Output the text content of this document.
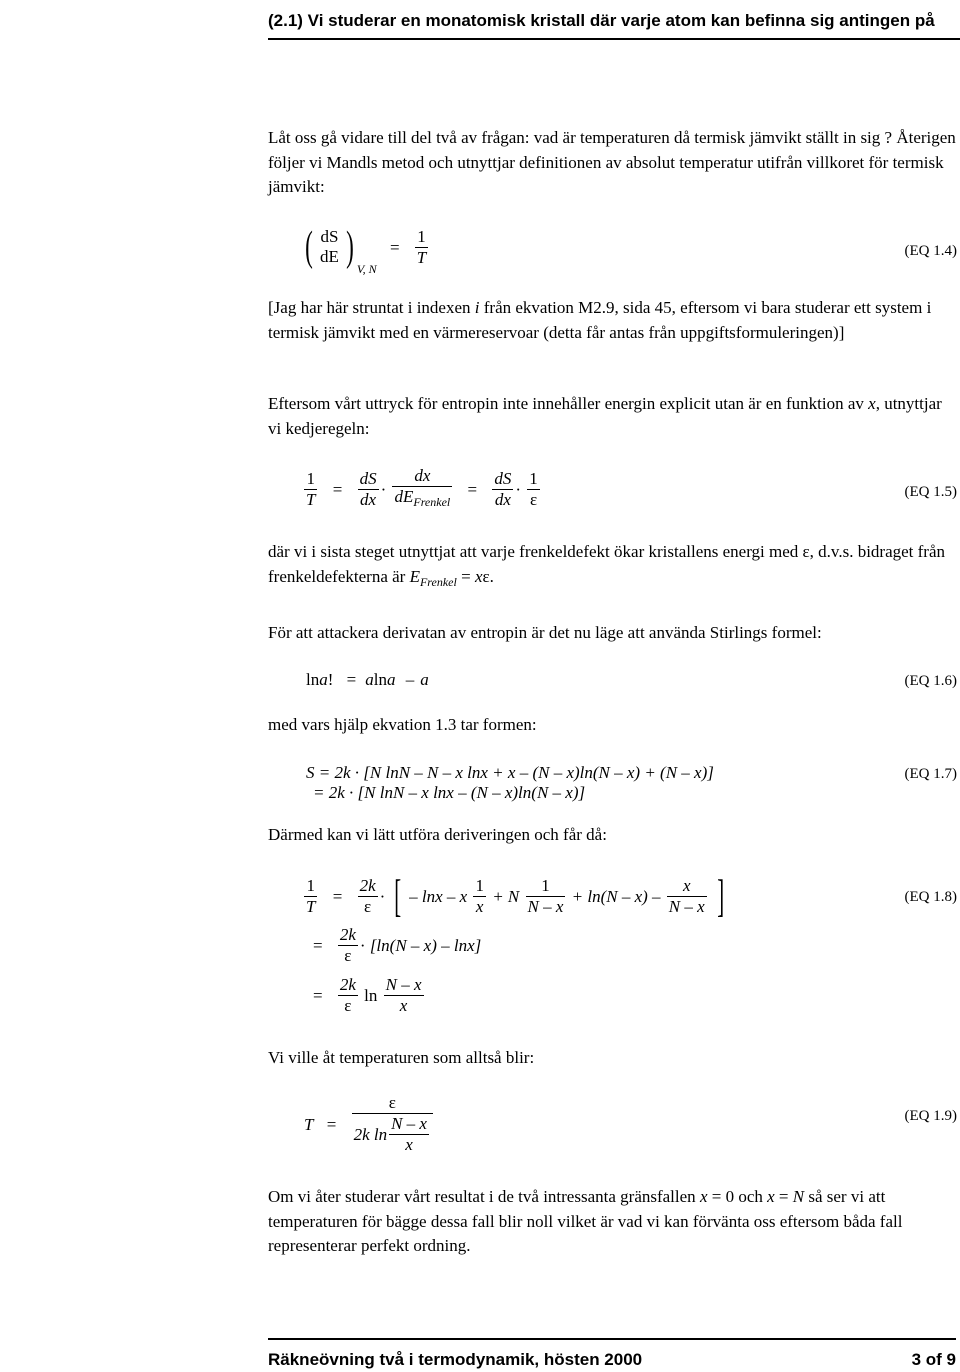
(2.1) Vi studerar en monatomisk kristall där varje atom kan befinna sig antingen på

Låt oss gå vidare till del två av frågan: vad är temperaturen då termisk jämvikt ställt in sig ? Återigen följer vi Mandls metod och utnyttjar definitionen av absolut temperatur utifrån villkoret för termisk jämvikt:

( dS
dE ) $_{V, N} = \frac{1}{T}$	(EQ 1.4)

[Jag har här struntat i indexen i från ekvation M2.9, sida 45, eftersom vi bara studerar ett system i termisk jämvikt med en värmereservoar (detta får antas från uppgiftsformuleringen)]

Eftersom vårt uttryck för entropin inte innehåller energin explicit utan är en funktion av x, utnyttjar vi kedjeregeln:

$\frac{1}{T} = \frac{dS}{dx} \cdot \frac{dx}{dE_{Frenkel}} = \frac{dS}{dx} \cdot \frac{1}{\varepsilon}$	(EQ 1.5)

där vi i sista steget utnyttjat att varje frenkeldefekt ökar kristallens energi med ε, d.v.s. bidraget från frenkeldefekterna är $E_{Frenkel} = x\varepsilon$.

För att attackera derivatan av entropin är det nu läge att använda Stirlings formel:

lna! = alna – a	(EQ 1.6)

med vars hjälp ekvation 1.3 tar formen:

S = 2k · [N lnN – N – x lnx + x – (N – x)ln(N – x) + (N – x)]
= 2k · [N lnN – x lnx – (N – x)ln(N – x)]
(EQ 1.7)

Därmed kan vi lätt utföra deriveringen och får då:

$\frac{1}{T} = \frac{2k}{\varepsilon}$ · [ – lnx – x $\frac{1}{x} + N \frac{1}{N - x} + \ln(N - x) - \frac{x}{N - x}$ ]	(EQ 1.8)
= $\frac{2k}{\varepsilon} \cdot [\ln(N - x) - \ln x]$
= $\frac{2k}{\varepsilon}$ $\ln \frac{N - x}{x}$

Vi ville åt temperaturen som alltså blir:

$T = \frac{\varepsilon}{2k \ln \frac{N - x}{x}}$	(EQ 1.9)

Om vi åter studerar vårt resultat i de två intressanta gränsfallen x = 0 och x = N så ser vi att temperaturen för bägge dessa fall blir noll vilket är vad vi kan förvänta oss eftersom båda fall representerar perfekt ordning.

Räkneövning två i termodynamik, hösten 2000	3 of 9
